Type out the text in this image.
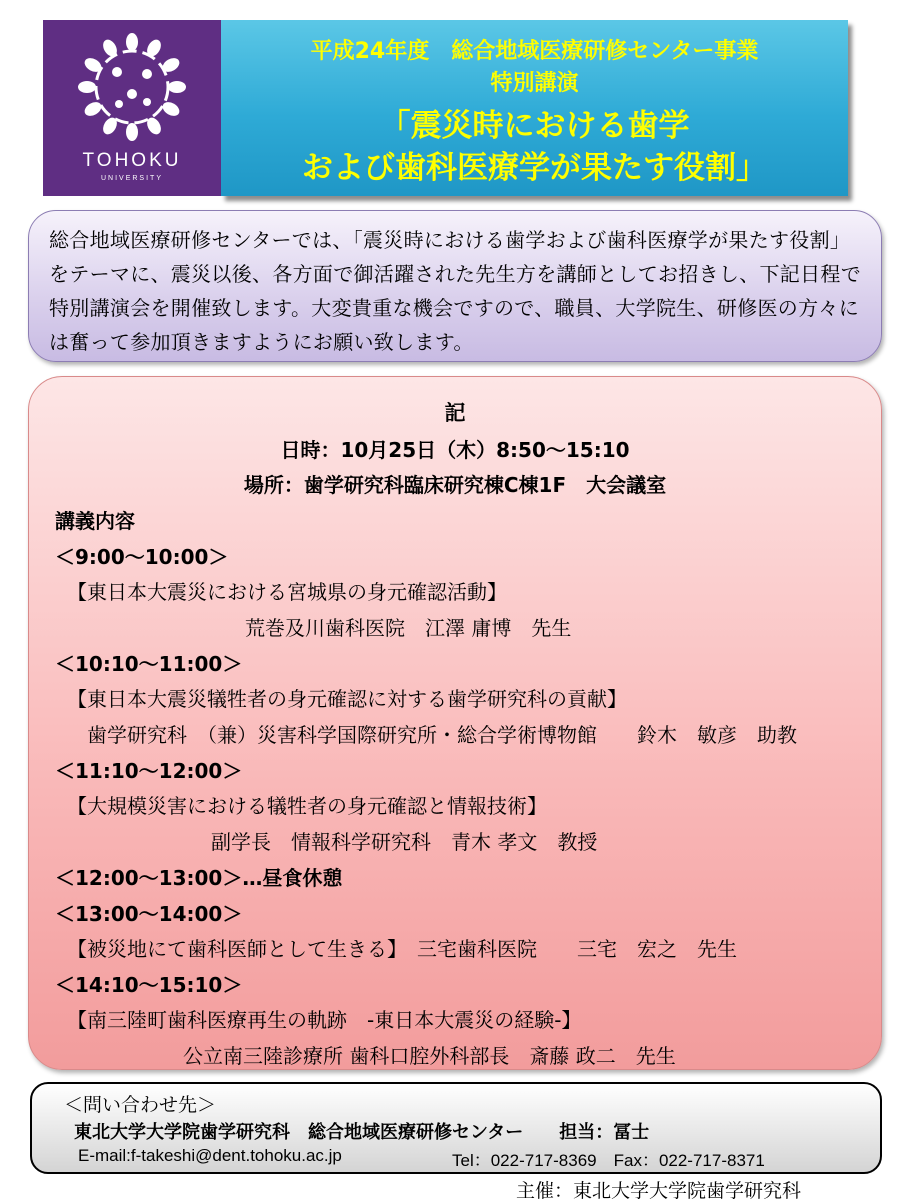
TOHOKU
UNIVERSITY
平成24年度　総合地域医療研修センター事業
特別講演
「震災時における歯学
および歯科医療学が果たす役割」
総合地域医療研修センターでは、「震災時における歯学および歯科医療学が果たす役割」をテーマに、震災以後、各方面で御活躍された先生方を講師としてお招きし、下記日程で特別講演会を開催致します。大変貴重な機会ですので、職員、大学院生、研修医の方々には奮って参加頂きますようにお願い致します。
記
日時：10月25日（木）8:50〜15:10
場所：歯学研究科臨床研究棟C棟1F　大会議室
講義内容
＜9:00〜10:00＞
【東日本大震災における宮城県の身元確認活動】
荒巻及川歯科医院　江澤 庸博　先生
＜10:10〜11:00＞
【東日本大震災犠牲者の身元確認に対する歯学研究科の貢献】
歯学研究科　（兼）災害科学国際研究所・総合学術博物館　　鈴木　敏彦　助教
＜11:10〜12:00＞
【大規模災害における犠牲者の身元確認と情報技術】
副学長　情報科学研究科　青木 孝文　教授
＜12:00〜13:00＞…昼食休憩
＜13:00〜14:00＞
【被災地にて歯科医師として生きる】　三宅歯科医院　　三宅　宏之　先生
＜14:10〜15:10＞
【南三陸町歯科医療再生の軌跡　-東日本大震災の経験-】
公立南三陸診療所 歯科口腔外科部長　斎藤 政二　先生
＜問い合わせ先＞
東北大学大学院歯学研究科　総合地域医療研修センター　　担当：冨士
E-mail:f-takeshi@dent.tohoku.ac.jp	Tel：022-717-8369　Fax：022-717-8371
主催：東北大学大学院歯学研究科
